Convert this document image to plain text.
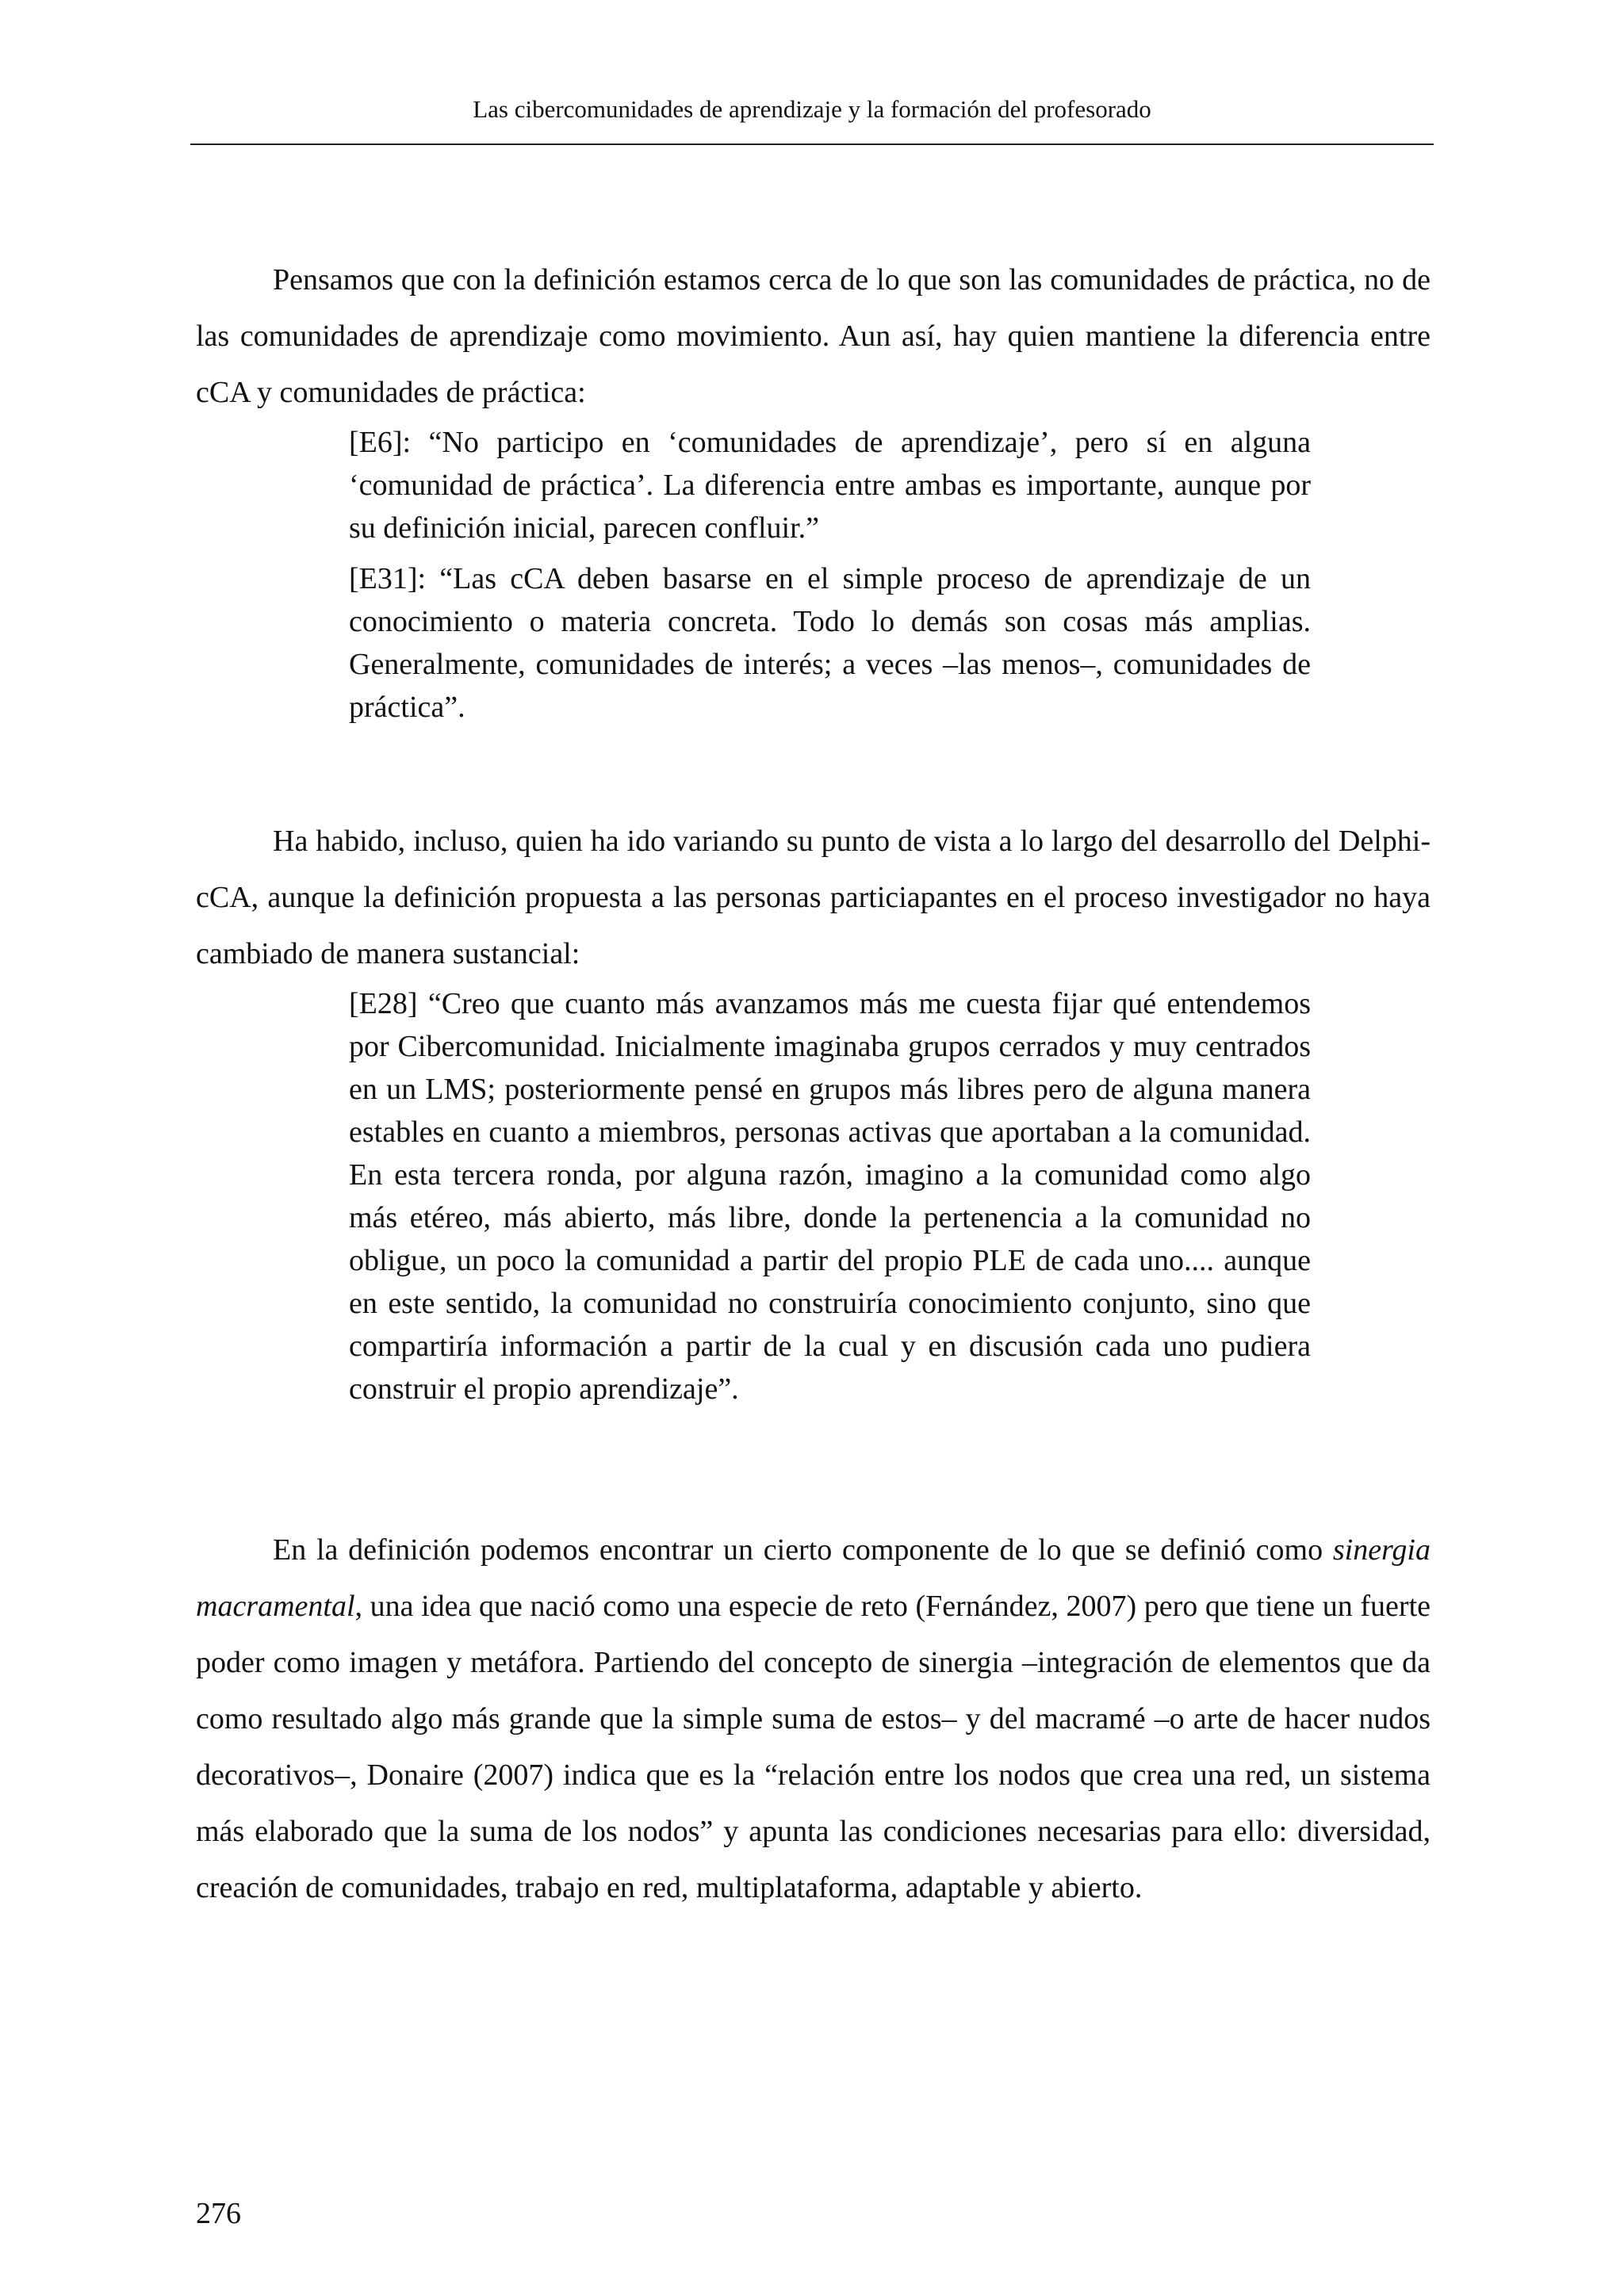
Las cibercomunidades de aprendizaje y la formación del profesorado

Pensamos que con la definición estamos cerca de lo que son las comunidades de práctica, no de las comunidades de aprendizaje como movimiento. Aun así, hay quien mantiene la diferencia entre cCA y comunidades de práctica:

[E6]: “No participo en ‘comunidades de aprendizaje’, pero sí en alguna ‘comunidad de práctica’. La diferencia entre ambas es importante, aunque por su definición inicial, parecen confluir.”

[E31]: “Las cCA deben basarse en el simple proceso de aprendizaje de un conocimiento o materia concreta. Todo lo demás son cosas más amplias. Generalmente, comunidades de interés; a veces –las menos–, comunidades de práctica”.

Ha habido, incluso, quien ha ido variando su punto de vista a lo largo del desarrollo del Delphi-cCA, aunque la definición propuesta a las personas particiapantes en el proceso investigador no haya cambiado de manera sustancial:

[E28] “Creo que cuanto más avanzamos más me cuesta fijar qué entendemos por Cibercomunidad. Inicialmente imaginaba grupos cerrados y muy centrados en un LMS; posteriormente pensé en grupos más libres pero de alguna manera estables en cuanto a miembros, personas activas que aportaban a la comunidad. En esta tercera ronda, por alguna razón, imagino a la comunidad como algo más etéreo, más abierto, más libre, donde la pertenencia a la comunidad no obligue, un poco la comunidad a partir del propio PLE de cada uno.... aunque en este sentido, la comunidad no construiría conocimiento conjunto, sino que compartiría información a partir de la cual y en discusión cada uno pudiera construir el propio aprendizaje”.

En la definición podemos encontrar un cierto componente de lo que se definió como sinergia macramental, una idea que nació como una especie de reto (Fernández, 2007) pero que tiene un fuerte poder como imagen y metáfora. Partiendo del concepto de sinergia –integración de elementos que da como resultado algo más grande que la simple suma de estos– y del macramé –o arte de hacer nudos decorativos–, Donaire (2007) indica que es la “relación entre los nodos que crea una red, un sistema más elaborado que la suma de los nodos” y apunta las condiciones necesarias para ello: diversidad, creación de comunidades, trabajo en red, multiplataforma, adaptable y abierto.

276
